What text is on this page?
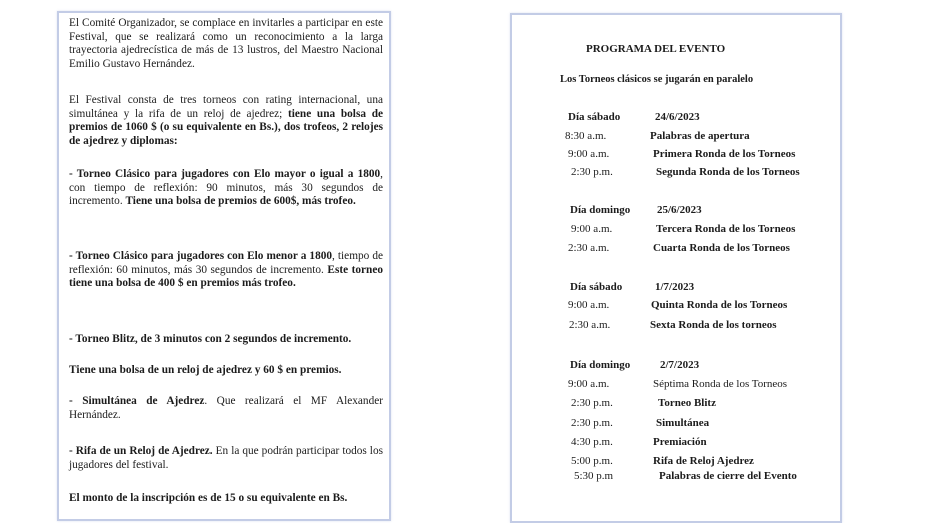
El Comité Organizador, se complace en invitarles a participar en este Festival, que se realizará como un reconocimiento a la larga trayectoria ajedrecística de más de 13 lustros, del Maestro Nacional Emilio Gustavo Hernández.

El Festival consta de tres torneos con rating internacional, una simultánea y la rifa de un reloj de ajedrez; tiene una bolsa de premios de 1060 $ (o su equivalente en Bs.), dos trofeos, 2 relojes de ajedrez y diplomas:

- Torneo Clásico para jugadores con Elo mayor o igual a 1800, con tiempo de reflexión: 90 minutos, más 30 segundos de incremento. Tiene una bolsa de premios de 600$, más trofeo.

- Torneo Clásico para jugadores con Elo menor a 1800, tiempo de reflexión: 60 minutos, más 30 segundos de incremento. Este torneo tiene una bolsa de 400 $ en premios más trofeo.

- Torneo Blitz, de 3 minutos con 2 segundos de incremento.

Tiene una bolsa de un reloj de ajedrez y 60 $ en premios.

- Simultánea de Ajedrez. Que realizará el MF Alexander Hernández.

- Rifa de un Reloj de Ajedrez. En la que podrán participar todos los jugadores del festival.

El monto de la inscripción es de 15 o su equivalente en Bs.

PROGRAMA DEL EVENTO
Los Torneos clásicos se jugarán en paralelo
Día sábado	24/6/2023
8:30 a.m.	Palabras de apertura
9:00 a.m.	Primera Ronda de los Torneos
2:30 p.m.	Segunda Ronda de los Torneos
Día domingo 25/6/2023
9:00 a.m.	Tercera Ronda de los Torneos
2:30 a.m.	Cuarta Ronda de los Torneos
Día sábado	1/7/2023
9:00 a.m.	Quinta Ronda de los Torneos
2:30 a.m.	Sexta Ronda de los torneos
Día domingo	2/7/2023
9:00 a.m.	Séptima Ronda de los Torneos
2:30 p.m.	Torneo Blitz
2:30 p.m.	Simultánea
4:30 p.m.	Premiación
5:00 p.m.	Rifa de Reloj Ajedrez
5:30 p.m	Palabras de cierre del Evento
